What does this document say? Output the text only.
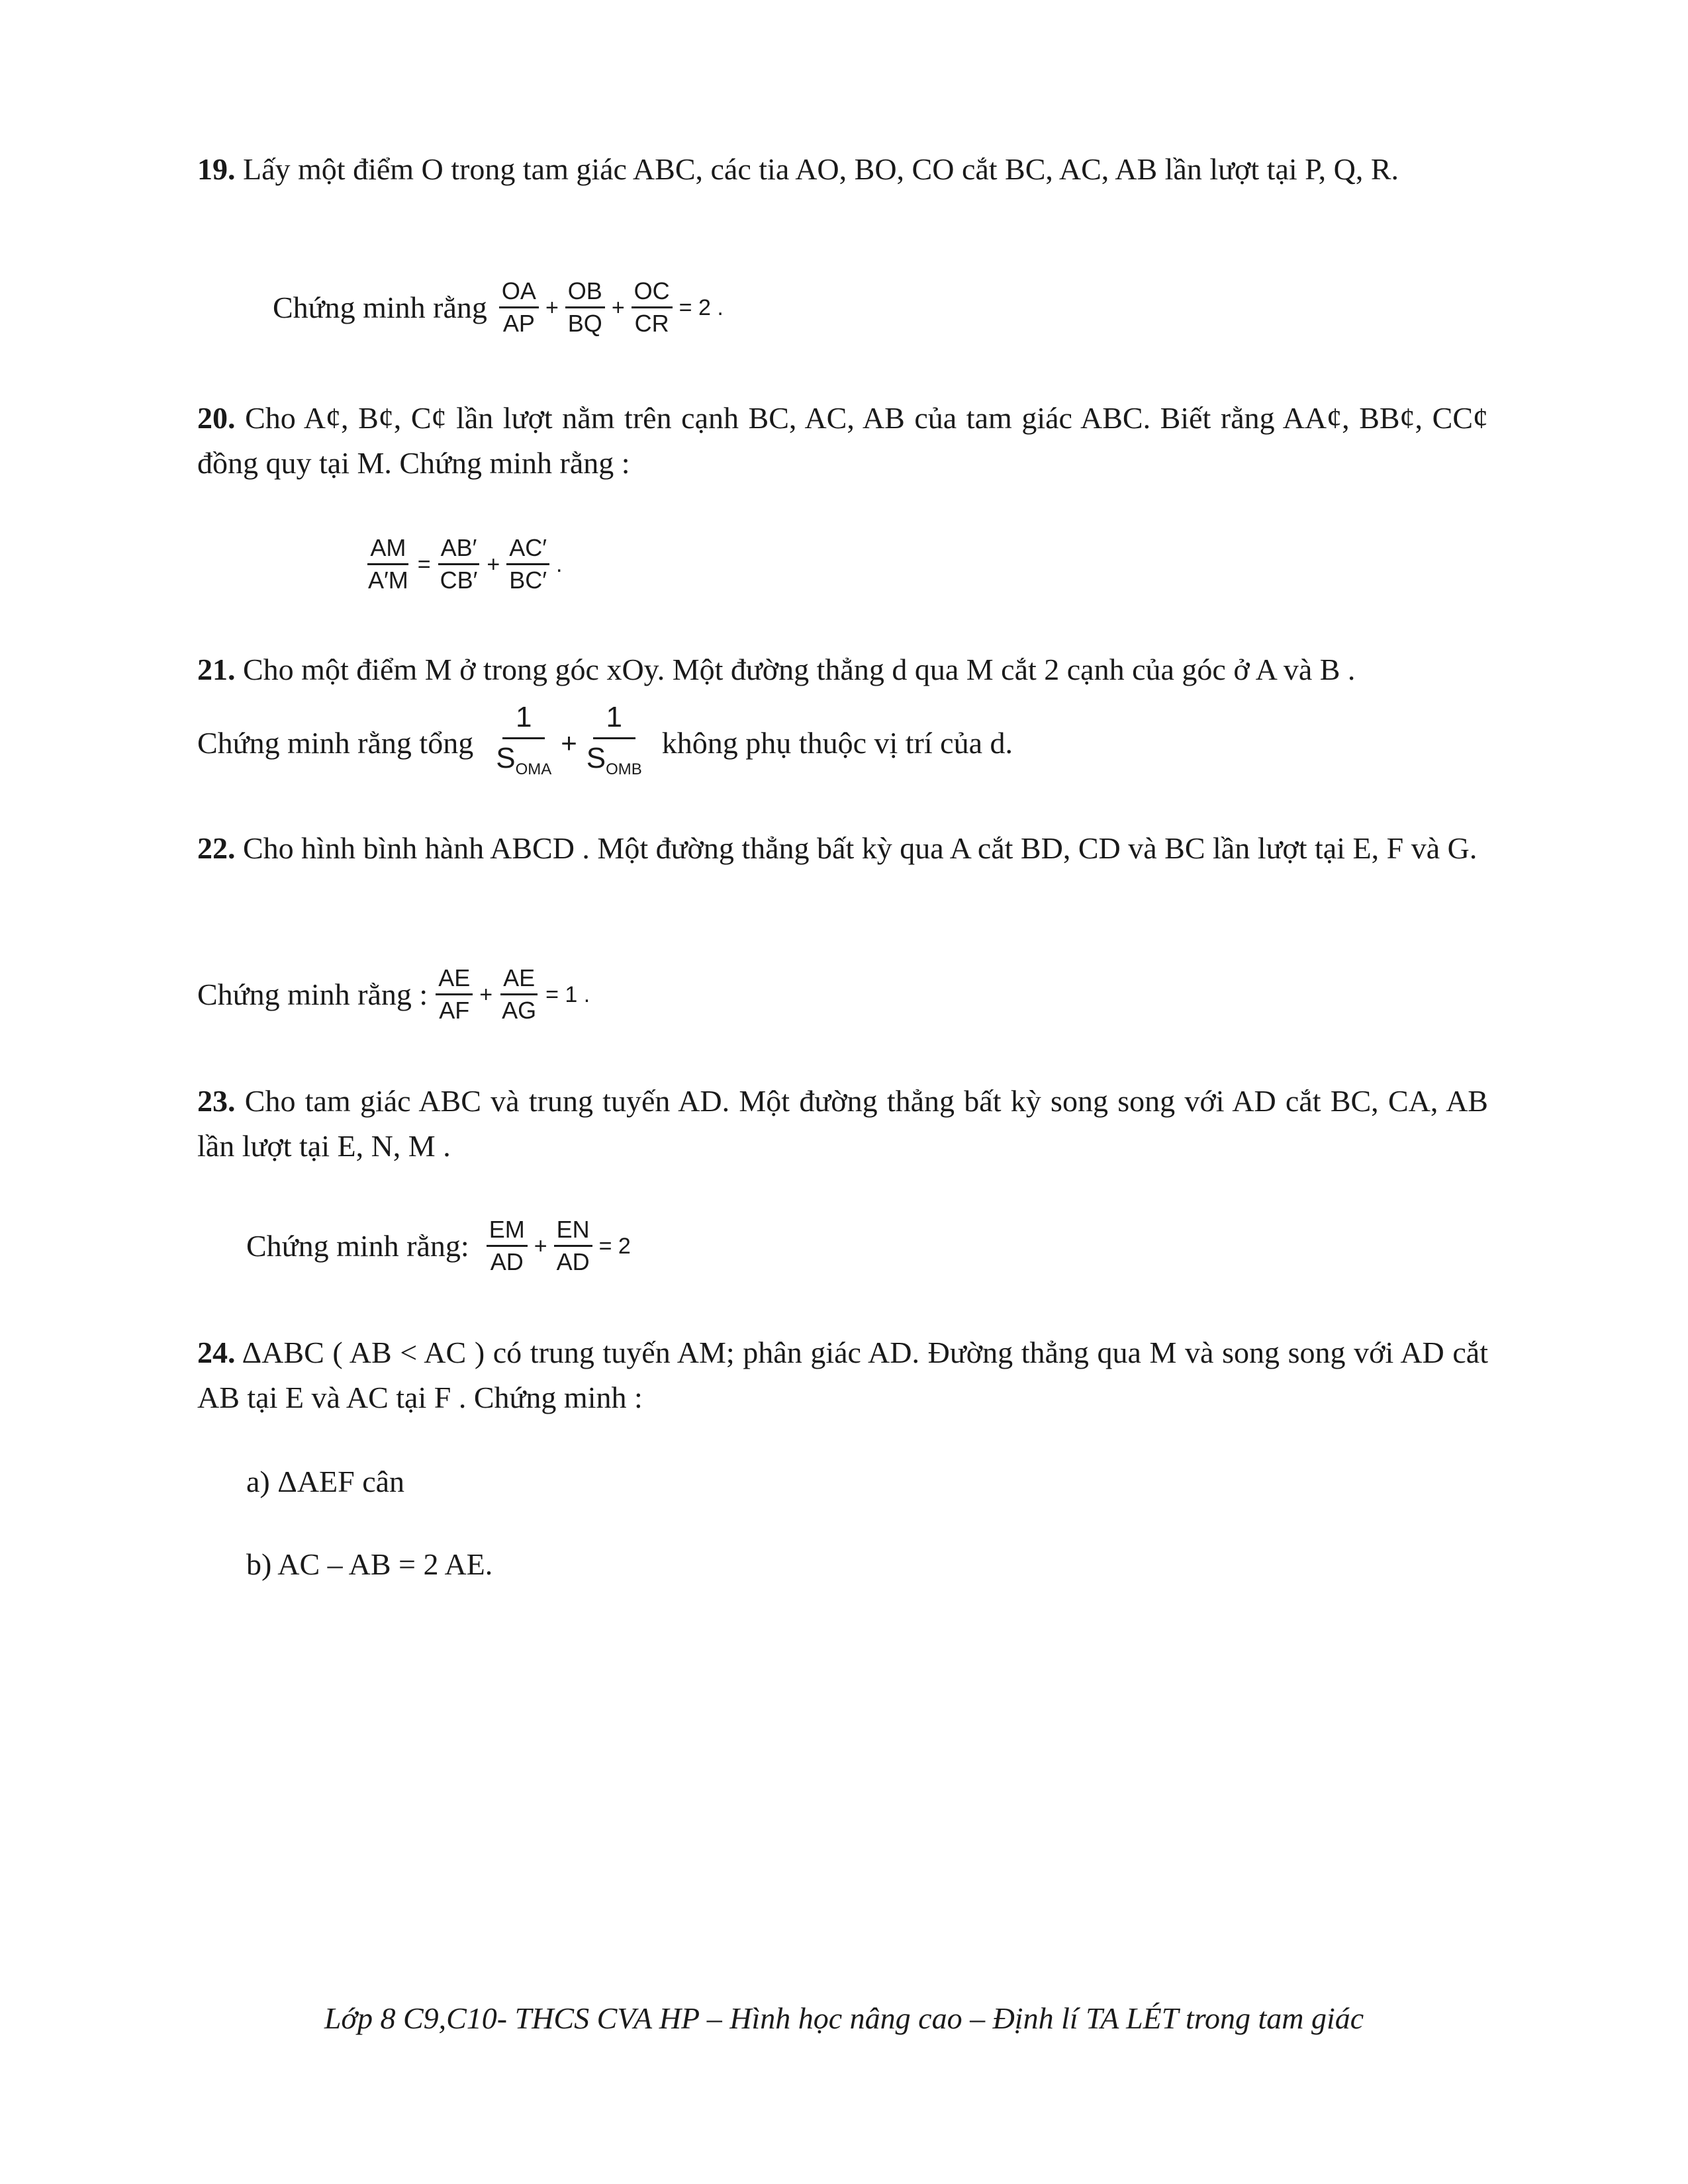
19. Lấy một điểm O trong tam giác ABC, các tia AO, BO, CO cắt BC, AC, AB lần lượt tại P, Q, R.

Chứng minh rằng $\frac{OA}{AP} + \frac{OB}{BQ} + \frac{OC}{CR} = 2$ .

20. Cho A¢, B¢, C¢ lần lượt nằm trên cạnh BC, AC, AB của tam giác ABC. Biết rằng AA¢, BB¢, CC¢ đồng quy tại M. Chứng minh rằng :

$\frac{AM}{A'M} = \frac{AB'}{CB'} + \frac{AC'}{BC'}$ .

21. Cho một điểm M ở trong góc xOy. Một đường thẳng d qua M cắt 2 cạnh của góc ở A và B .

Chứng minh rằng tổng $\frac{1}{S_{OMA}} + \frac{1}{S_{OMB}}$ không phụ thuộc vị trí của d.

22. Cho hình bình hành ABCD . Một đường thẳng bất kỳ qua A cắt BD, CD và BC lần lượt tại E, F và G.

Chứng minh rằng : $\frac{AE}{AF} + \frac{AE}{AG} = 1$ .

23. Cho tam giác ABC và trung tuyến AD. Một đường thẳng bất kỳ song song với AD cắt BC, CA, AB lần lượt tại E, N, M .

Chứng minh rằng: $\frac{EM}{AD} + \frac{EN}{AD} = 2$

24. ΔABC ( AB < AC ) có trung tuyến AM; phân giác AD. Đường thẳng qua M và song song với AD cắt AB tại E và AC tại F . Chứng minh :

a) ΔAEF cân

b) AC – AB = 2 AE.

Lớp 8 C9,C10- THCS CVA HP – Hình học nâng cao – Định lí TA LÉT trong tam giác
